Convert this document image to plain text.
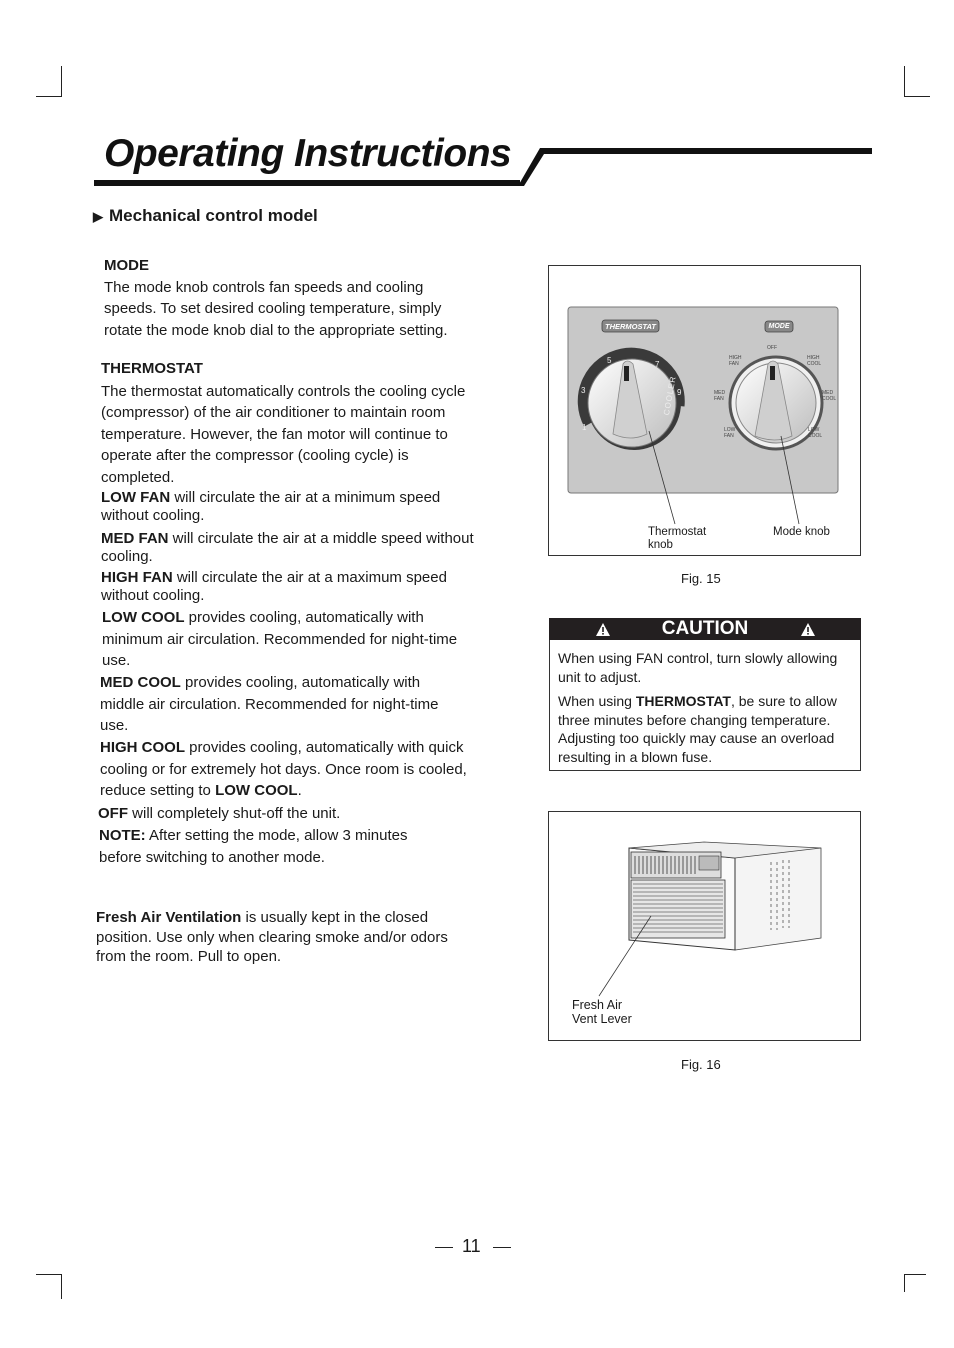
Operating Instructions
▶ Mechanical control model
MODE
The mode knob controls fan speeds and cooling speeds. To set desired cooling temperature, simply rotate the mode knob dial to the appropriate setting.
THERMOSTAT

The thermostat automatically controls the cooling cycle (compressor) of the air conditioner to maintain room temperature. However, the fan motor will continue to operate after the compressor (cooling cycle) is completed.
LOW FAN will circulate the air at a minimum speed without cooling.
MED FAN will circulate the air at a middle speed without cooling.
HIGH FAN will circulate the air at a maximum speed without cooling.
LOW COOL provides cooling, automatically with minimum air circulation. Recommended for night-time use.
MED COOL provides cooling, automatically with middle air circulation. Recommended for night-time use.
HIGH COOL provides cooling, automatically with quick cooling or for extremely hot days. Once room is cooled, reduce setting to LOW COOL.
OFF will completely shut-off the unit.
NOTE: After setting the mode, allow 3 minutes before switching to another mode.
Fresh Air Ventilation is usually kept in the closed position. Use only when clearing smoke and/or odors from the room. Pull to open.
THERMOSTAT	MODE
1
3
5	7
9
COOLER
OFF
HIGH COOL
MED COOL
LOW COOL
LOW FAN
MED FAN
HIGH FAN
Thermostat
knob
Mode knob
Fig. 15
CAUTION

When using FAN control, turn slowly allowing unit to adjust.

When using THERMOSTAT, be sure to allow three minutes before changing temperature. Adjusting too quickly may cause an overload resulting in a blown fuse.

Fresh Air
Vent Lever
Fig. 16
11
